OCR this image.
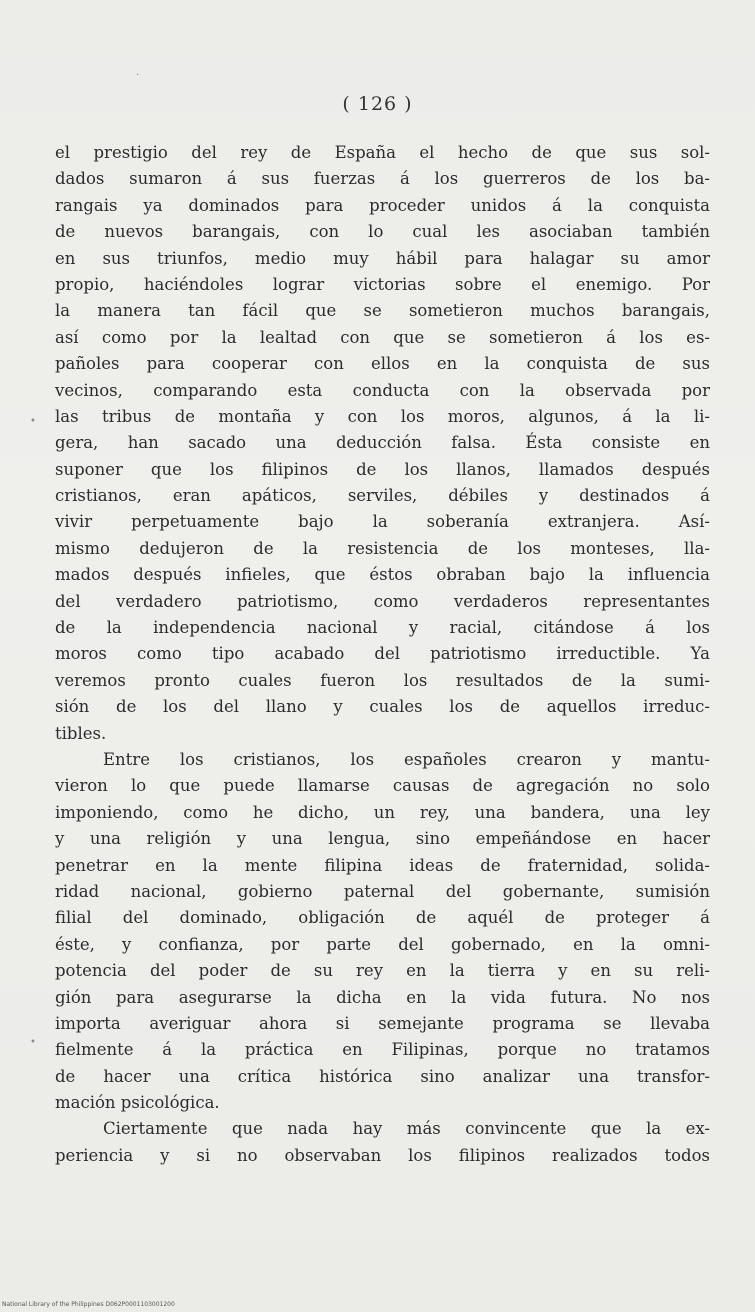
( 126 )
·
•
•
el prestigio del rey de España el hecho de que sus sol-
dados sumaron á sus fuerzas á los guerreros de los ba-
rangais ya dominados para proceder unidos á la conquista
de nuevos barangais, con lo cual les asociaban también
en sus triunfos, medio muy hábil para halagar su amor
propio, haciéndoles lograr victorias sobre el enemigo. Por
la manera tan fácil que se sometieron muchos barangais,
así como por la lealtad con que se sometieron á los es-
pañoles para cooperar con ellos en la conquista de sus
vecinos, comparando esta conducta con la observada por
las tribus de montaña y con los moros, algunos, á la li-
gera, han sacado una deducción falsa. Ésta consiste en
suponer que los filipinos de los llanos, llamados después
cristianos, eran apáticos, serviles, débiles y destinados á
vivir perpetuamente bajo la soberanía extranjera. Así-
mismo dedujeron de la resistencia de los monteses, lla-
mados después infieles, que éstos obraban bajo la influencia
del verdadero patriotismo, como verdaderos representantes
de la independencia nacional y racial, citándose á los
moros como tipo acabado del patriotismo irreductible. Ya
veremos pronto cuales fueron los resultados de la sumi-
sión de los del llano y cuales los de aquellos irreduc-
tibles.
Entre los cristianos, los españoles crearon y mantu-
vieron lo que puede llamarse causas de agregación no solo
imponiendo, como he dicho, un rey, una bandera, una ley
y una religión y una lengua, sino empeñándose en hacer
penetrar en la mente filipina ideas de fraternidad, solida-
ridad nacional, gobierno paternal del gobernante, sumisión
filial del dominado, obligación de aquél de proteger á
éste, y confianza, por parte del gobernado, en la omni-
potencia del poder de su rey en la tierra y en su reli-
gión para asegurarse la dicha en la vida futura. No nos
importa averiguar ahora si semejante programa se llevaba
fielmente á la práctica en Filipinas, porque no tratamos
de hacer una crítica histórica sino analizar una transfor-
mación psicológica.
Ciertamente que nada hay más convincente que la ex-
periencia y si no observaban los filipinos realizados todos
National Library of the Philippines D062P0001103001200
